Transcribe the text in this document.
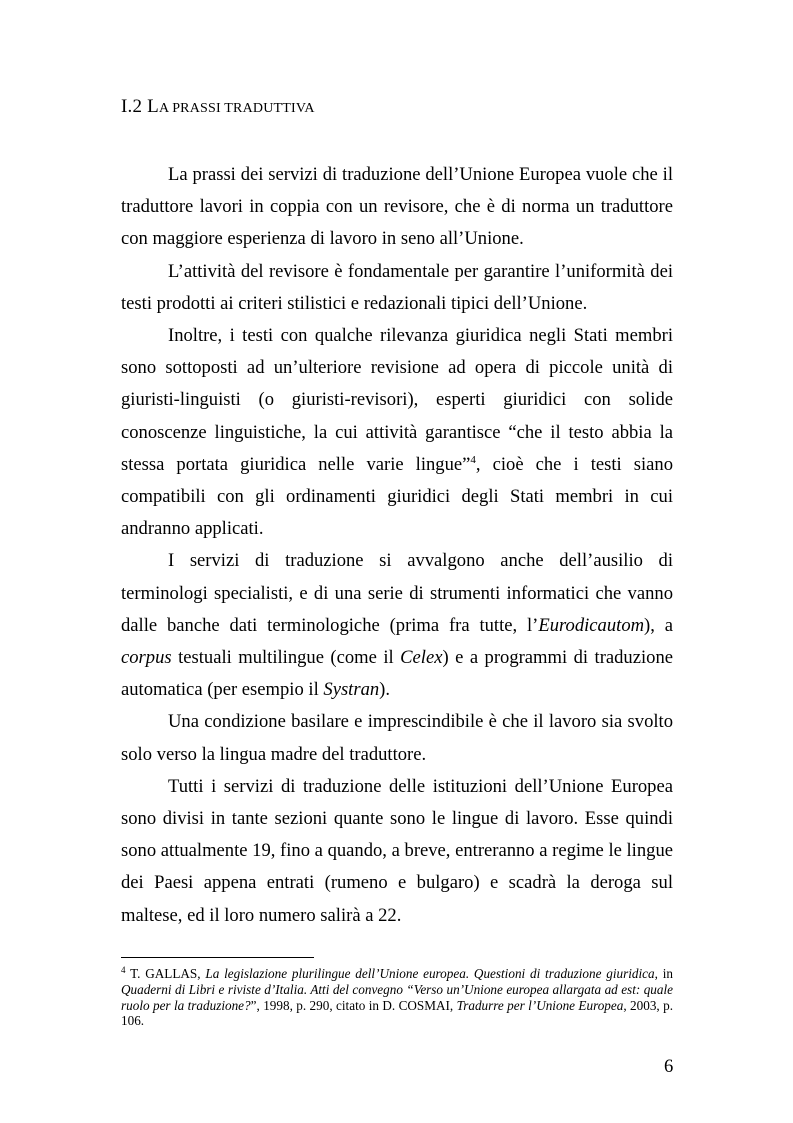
I.2 LA PRASSI TRADUTTIVA

La prassi dei servizi di traduzione dell’Unione Europea vuole che il traduttore lavori in coppia con un revisore, che è di norma un traduttore con maggiore esperienza di lavoro in seno all’Unione.

L’attività del revisore è fondamentale per garantire l’uniformità dei testi prodotti ai criteri stilistici e redazionali tipici dell’Unione.

Inoltre, i testi con qualche rilevanza giuridica negli Stati membri sono sottoposti ad un’ulteriore revisione ad opera di piccole unità di giuristi-linguisti (o giuristi-revisori), esperti giuridici con solide conoscenze linguistiche, la cui attività garantisce “che il testo abbia la stessa portata giuridica nelle varie lingue”$^4$, cioè che i testi siano compatibili con gli ordinamenti giuridici degli Stati membri in cui andranno applicati.

I servizi di traduzione si avvalgono anche dell’ausilio di terminologi specialisti, e di una serie di strumenti informatici che vanno dalle banche dati terminologiche (prima fra tutte, l’Eurodicautom), a corpus testuali multilingue (come il Celex) e a programmi di traduzione automatica (per esempio il Systran).

Una condizione basilare e imprescindibile è che il lavoro sia svolto solo verso la lingua madre del traduttore.

Tutti i servizi di traduzione delle istituzioni dell’Unione Europea sono divisi in tante sezioni quante sono le lingue di lavoro. Esse quindi sono attualmente 19, fino a quando, a breve, entreranno a regime le lingue dei Paesi appena entrati (rumeno e bulgaro) e scadrà la deroga sul maltese, ed il loro numero salirà a 22.

$^4$ T. GALLAS, La legislazione plurilingue dell’Unione europea. Questioni di traduzione giuridica, in Quaderni di Libri e riviste d’Italia. Atti del convegno “Verso un’Unione europea allargata ad est: quale ruolo per la traduzione?”, 1998, p. 290, citato in D. COSMAI, Tradurre per l’Unione Europea, 2003, p. 106.
6
